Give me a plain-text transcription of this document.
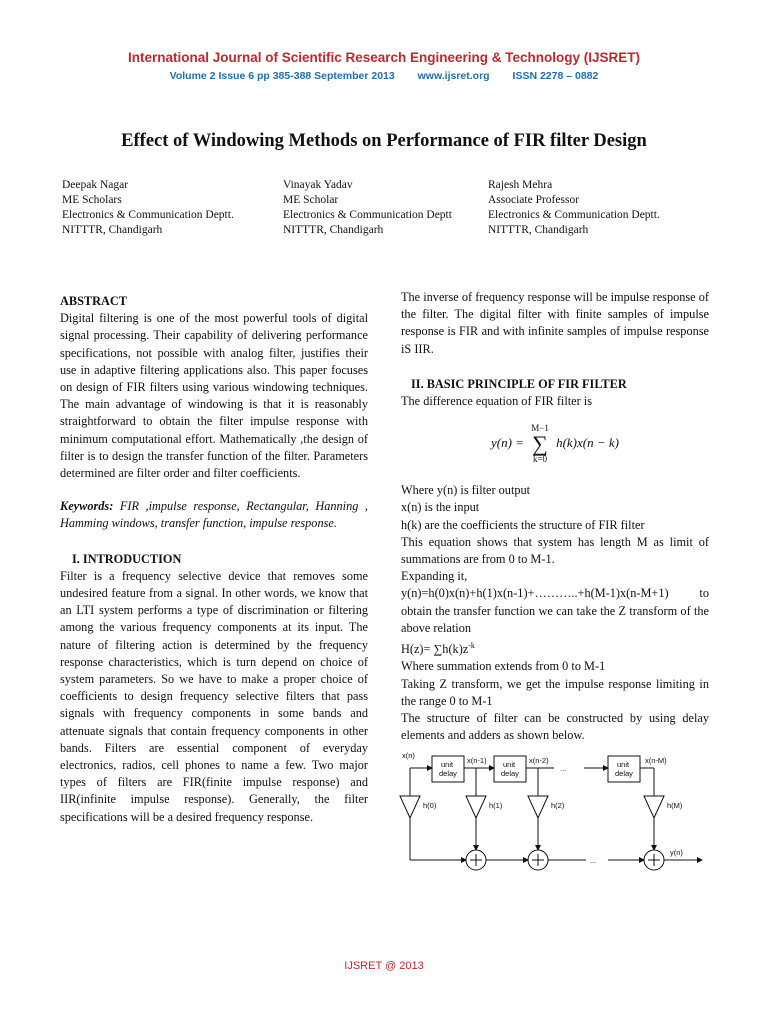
International Journal of Scientific Research Engineering & Technology (IJSRET)
Volume 2 Issue 6 pp 385-388 September 2013 www.ijsret.org ISSN 2278 – 0882
Effect of Windowing Methods on Performance of FIR filter Design
Deepak Nagar
ME Scholars
Electronics & Communication Deptt.
NITTTR, Chandigarh
Vinayak Yadav
ME Scholar
Electronics & Communication Deptt
NITTTR, Chandigarh
Rajesh Mehra
Associate Professor
Electronics & Communication Deptt.
NITTTR, Chandigarh

ABSTRACT

Digital filtering is one of the most powerful tools of digital signal processing. Their capability of delivering performance specifications, not possible with analog filter, justifies their use in adaptive filtering applications also. This paper focuses on design of FIR filters using various windowing techniques. The main advantage of windowing is that it is reasonably straightforward to obtain the filter impulse response with minimum computational effort. Mathematically ,the design of filter is to design the transfer function of the filter. Parameters determined are filter order and filter coefficients.

Keywords: FIR ,impulse response, Rectangular, Hanning , Hamming windows, transfer function, impulse response.

I. INTRODUCTION

Filter is a frequency selective device that removes some undesired feature from a signal. In other words, we know that an LTI system performs a type of discrimination or filtering among the various frequency components at its input. The nature of filtering action is determined by the frequency response characteristics, which is turn depend on choice of system parameters. So we have to make a proper choice of coefficients to design frequency selective filters that pass signals with frequency components in some bands and attenuate signals that contain frequency components in other bands. Filters are essential component of everyday electronics, radios, cell phones to name a few. Two major types of filters are FIR(finite impulse response) and IIR(infinite impulse response). Generally, the filter specifications will be a desired frequency response.

The inverse of frequency response will be impulse response of the filter. The digital filter with finite samples of impulse response is FIR and with infinite samples of impulse response iS IIR.

II. BASIC PRINCIPLE OF FIR FILTER

The difference equation of FIR filter is

y(n) =
M−1
∑
k=0
h(k)x(n − k)

Where y(n) is filter output

x(n) is the input

h(k) are the coefficients the structure of FIR filter

This equation shows that system has length M as limit of summations are from 0 to M-1.

Expanding it,

y(n)=h(0)x(n)+h(1)x(n-1)+………..+h(M-1)x(n-M+1) to obtain the transfer function we can take the Z transform of the above relation

$H(z)= \sum h(k)z^{-k}$

Where summation extends from 0 to M-1

Taking Z transform, we get the impulse response limiting in the range 0 to M-1

The structure of filter can be constructed by using delay elements and adders as shown below.

x(n)
unit
delay
unit
delay
unit
delay
x(n-1)	x(n-2)	x(n-M)
...
h(0)	h(1)	h(2)	h(M)
...
y(n)
IJSRET @ 2013
